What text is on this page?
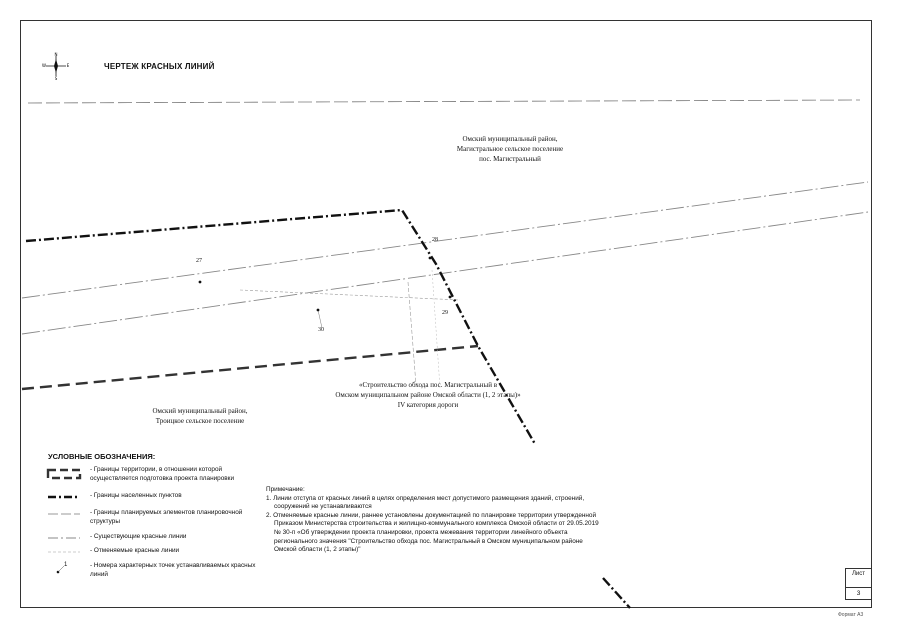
N
S
W	E	ЧЕРТЕЖ КРАСНЫХ ЛИНИЙ
Омский муниципальный район,
Магистральное сельское поселение
пос. Магистральный
Омский муниципальный район,
Троицкое сельское поселение
«Строительство обхода пос. Магистральный в
Омском муниципальном районе Омской области (1, 2 этапы)»
IV категория дороги
27
28
29
30
УСЛОВНЫЕ ОБОЗНАЧЕНИЯ:
- Границы территории, в отношении которой осуществляется подготовка проекта планировки
- Границы населенных пунктов
- Границы планируемых элементов планировочной структуры
- Существующие красные линии
- Отменяемые красные линии
1	- Номера характерных точек устанавливаемых красных линий
Примечание:
1. Линии отступа от красных линий в целях определения мест допустимого размещения зданий, строений, сооружений не устанавливаются
2. Отменяемые красные линии, раннее установлены документацией по планировке территории утвержденной Приказом Министерства строительства и жилищно-коммунального комплекса Омской области от 29.05.2019 № 30-п «Об утверждении проекта планировки, проекта межевания территории линейного объекта регионального значения "Строительство обхода пос. Магистральный в Омском муниципальном районе Омской области (1, 2 этапы)"
Лист
3
Формат А3
